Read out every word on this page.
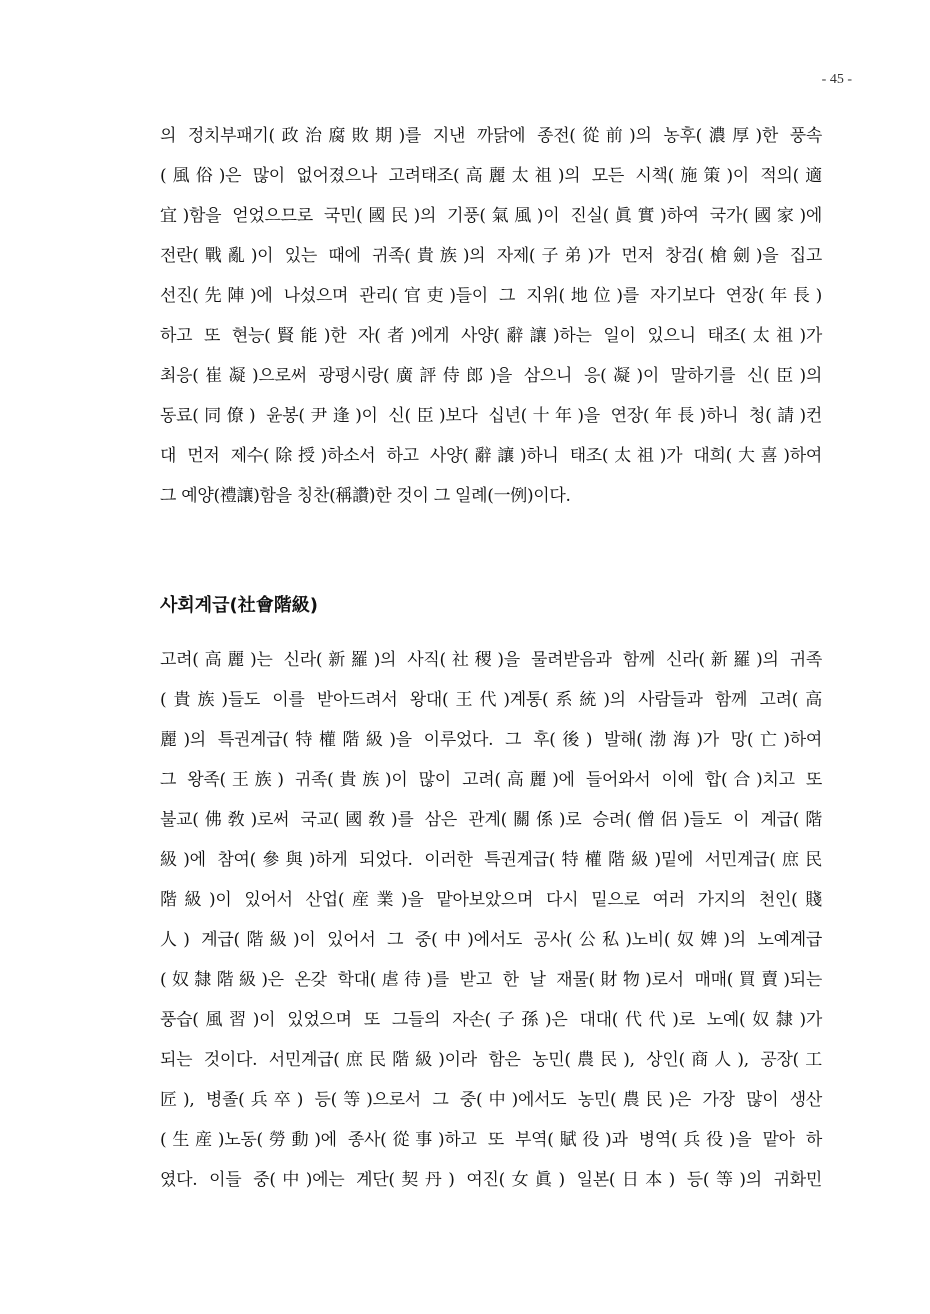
- 45 -
의 정치부패기(政治腐敗期)를 지낸 까닭에 종전(從前)의 농후(濃厚)한 풍속
(風俗)은 많이 없어졌으나 고려태조(高麗太祖)의 모든 시책(施策)이 적의(適
宜)함을 얻었으므로 국민(國民)의 기풍(氣風)이 진실(眞實)하여 국가(國家)에
전란(戰亂)이 있는 때에 귀족(貴族)의 자제(子弟)가 먼저 창검(槍劍)을 집고
선진(先陣)에 나섰으며 관리(官吏)들이 그 지위(地位)를 자기보다 연장(年長)
하고 또 현능(賢能)한 자(者)에게 사양(辭讓)하는 일이 있으니 태조(太祖)가
최응(崔凝)으로써 광평시랑(廣評侍郎)을 삼으니 응(凝)이 말하기를 신(臣)의
동료(同僚) 윤봉(尹逢)이 신(臣)보다 십년(十年)을 연장(年長)하니 청(請)컨
대 먼저 제수(除授)하소서 하고 사양(辭讓)하니 태조(太祖)가 대희(大喜)하여
그 예양(禮讓)함을 칭찬(稱讚)한 것이 그 일례(一例)이다.
사회계급(社會階級)
고려(高麗)는 신라(新羅)의 사직(社稷)을 물려받음과 함께 신라(新羅)의 귀족
(貴族)들도 이를 받아드려서 왕대(王代)계통(系統)의 사람들과 함께 고려(高
麗)의 특권계급(特權階級)을 이루었다. 그 후(後) 발해(渤海)가 망(亡)하여
그 왕족(王族) 귀족(貴族)이 많이 고려(高麗)에 들어와서 이에 합(合)치고 또
불교(佛敎)로써 국교(國敎)를 삼은 관계(關係)로 승려(僧侶)들도 이 계급(階
級)에 참여(參與)하게 되었다. 이러한 특권계급(特權階級)밑에 서민계급(庶民
階級)이 있어서 산업(産業)을 맡아보았으며 다시 밑으로 여러 가지의 천인(賤
人) 계급(階級)이 있어서 그 중(中)에서도 공사(公私)노비(奴婢)의 노예계급
(奴隸階級)은 온갖 학대(虐待)를 받고 한 날 재물(財物)로서 매매(買賣)되는
풍습(風習)이 있었으며 또 그들의 자손(子孫)은 대대(代代)로 노예(奴隸)가
되는 것이다. 서민계급(庶民階級)이라 함은 농민(農民), 상인(商人), 공장(工
匠), 병졸(兵卒) 등(等)으로서 그 중(中)에서도 농민(農民)은 가장 많이 생산
(生産)노동(勞動)에 종사(從事)하고 또 부역(賦役)과 병역(兵役)을 맡아 하
였다. 이들 중(中)에는 계단(契丹) 여진(女眞) 일본(日本) 등(等)의 귀화민
